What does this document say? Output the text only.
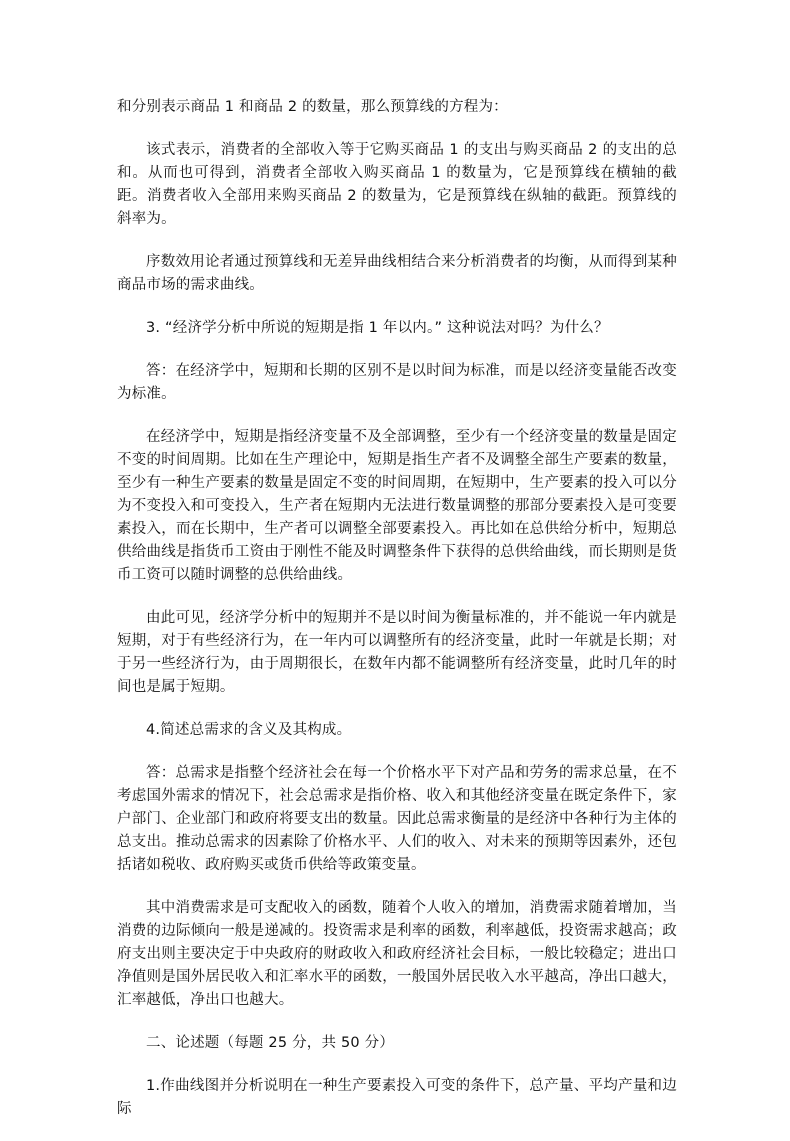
和分别表示商品 1 和商品 2 的数量，那么预算线的方程为：

该式表示，消费者的全部收入等于它购买商品 1 的支出与购买商品 2 的支出的总和。从而也可得到，消费者全部收入购买商品 1 的数量为，它是预算线在横轴的截距。消费者收入全部用来购买商品 2 的数量为，它是预算线在纵轴的截距。预算线的斜率为。

序数效用论者通过预算线和无差异曲线相结合来分析消费者的均衡，从而得到某种商品市场的需求曲线。

3. “经济学分析中所说的短期是指 1 年以内。” 这种说法对吗？为什么？

答：在经济学中，短期和长期的区别不是以时间为标准，而是以经济变量能否改变为标准。

在经济学中，短期是指经济变量不及全部调整，至少有一个经济变量的数量是固定不变的时间周期。比如在生产理论中，短期是指生产者不及调整全部生产要素的数量，至少有一种生产要素的数量是固定不变的时间周期，在短期中，生产要素的投入可以分为不变投入和可变投入，生产者在短期内无法进行数量调整的那部分要素投入是可变要素投入，而在长期中，生产者可以调整全部要素投入。再比如在总供给分析中，短期总供给曲线是指货币工资由于刚性不能及时调整条件下获得的总供给曲线，而长期则是货币工资可以随时调整的总供给曲线。

由此可见，经济学分析中的短期并不是以时间为衡量标准的，并不能说一年内就是短期，对于有些经济行为，在一年内可以调整所有的经济变量，此时一年就是长期；对于另一些经济行为，由于周期很长，在数年内都不能调整所有经济变量，此时几年的时间也是属于短期。

4.简述总需求的含义及其构成。

答：总需求是指整个经济社会在每一个价格水平下对产品和劳务的需求总量，在不考虑国外需求的情况下，社会总需求是指价格、收入和其他经济变量在既定条件下，家户部门、企业部门和政府将要支出的数量。因此总需求衡量的是经济中各种行为主体的总支出。推动总需求的因素除了价格水平、人们的收入、对未来的预期等因素外，还包括诸如税收、政府购买或货币供给等政策变量。

其中消费需求是可支配收入的函数，随着个人收入的增加，消费需求随着增加，当消费的边际倾向一般是递减的。投资需求是利率的函数，利率越低，投资需求越高；政府支出则主要决定于中央政府的财政收入和政府经济社会目标，一般比较稳定；进出口净值则是国外居民收入和汇率水平的函数，一般国外居民收入水平越高，净出口越大，汇率越低，净出口也越大。

二、论述题（每题 25 分，共 50 分）

1.作曲线图并分析说明在一种生产要素投入可变的条件下，总产量、平均产量和边际
